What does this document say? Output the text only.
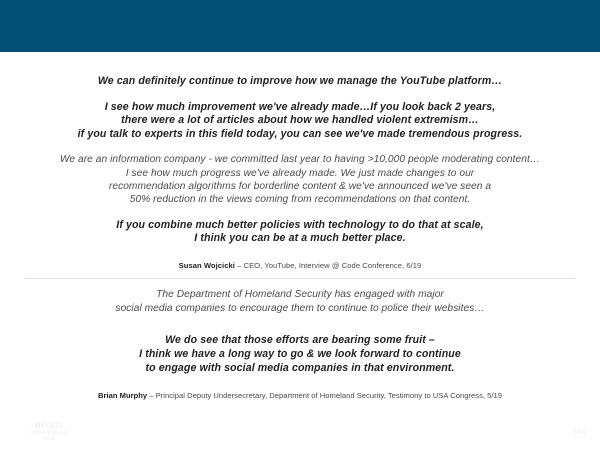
We can definitely continue to improve how we manage the YouTube platform…
I see how much improvement we've already made…If you look back 2 years,
there were a lot of articles about how we handled violent extremism…
if you talk to experts in this field today, you can see we've made tremendous progress.
We are an information company - we committed last year to having >10,000 people moderating content…
I see how much progress we've already made. We just made changes to our
recommendation algorithms for borderline content & we've announced we've seen a
50% reduction in the views coming from recommendations on that content.
If you combine much better policies with technology to do that at scale,
I think you can be at a much better place.
Susan Wojcicki – CEO, YouTube, Interview @ Code Conference, 6/19
The Department of Homeland Security has engaged with major
social media companies to encourage them to continue to police their websites…
We do see that those efforts are bearing some fruit –
I think we have a long way to go & we look forward to continue
to engage with social media companies in that environment.
Brian Murphy – Principal Deputy Undersecretary, Department of Homeland Security, Testimony to USA Congress, 5/19
BOND
Internet Trends
2019
184
